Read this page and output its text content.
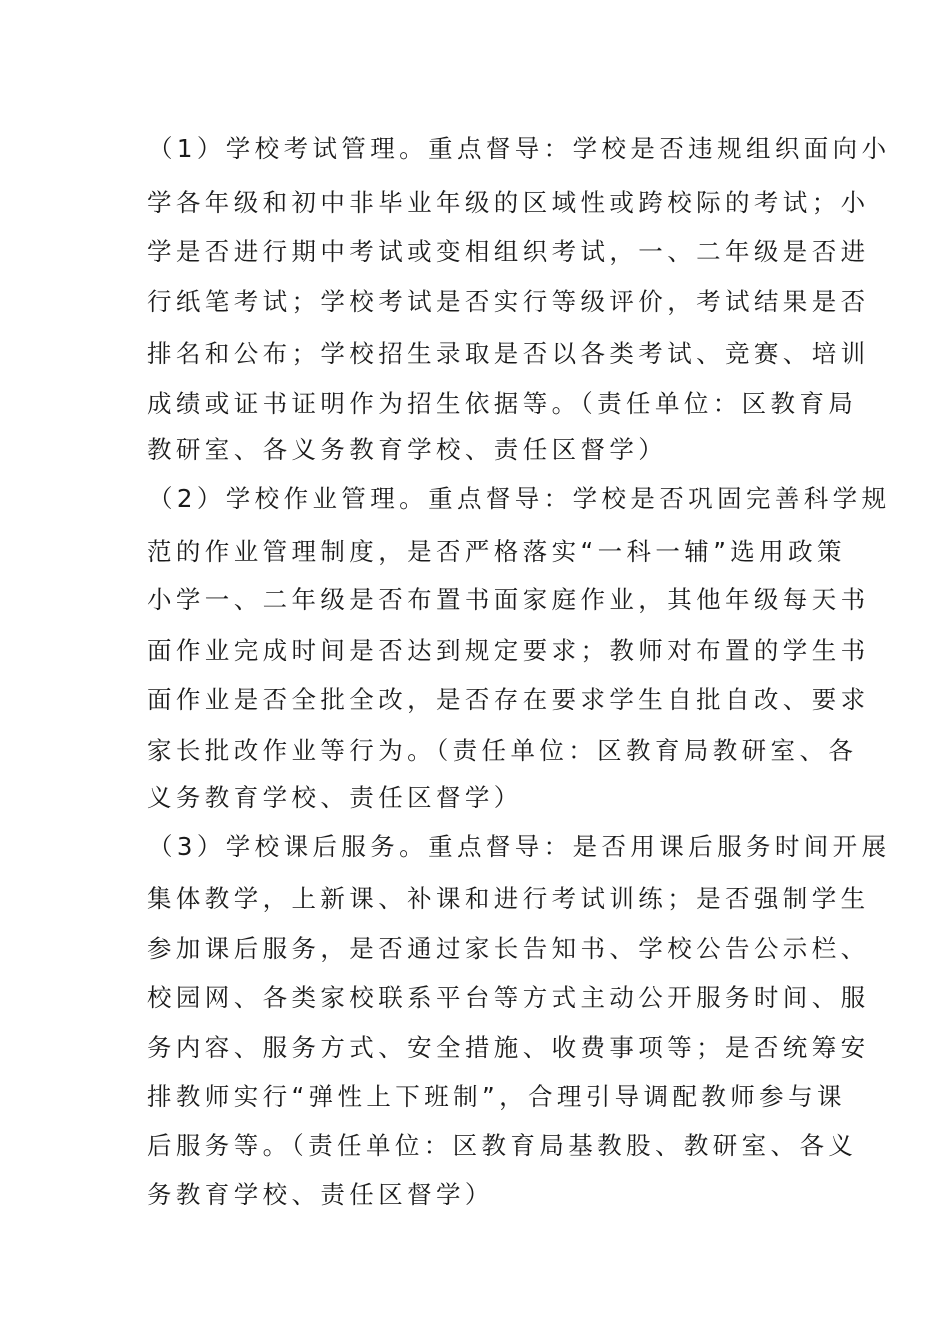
（1）学校考试管理。重点督导：学校是否违规组织面向小
学各年级和初中非毕业年级的区域性或跨校际的考试；小
学是否进行期中考试或变相组织考试，一、二年级是否进
行纸笔考试；学校考试是否实行等级评价，考试结果是否
排名和公布；学校招生录取是否以各类考试、竞赛、培训
成绩或证书证明作为招生依据等。（责任单位：区教育局
教研室、各义务教育学校、责任区督学）
（2）学校作业管理。重点督导：学校是否巩固完善科学规
范的作业管理制度，是否严格落实“一科一辅”选用政策
小学一、二年级是否布置书面家庭作业，其他年级每天书
面作业完成时间是否达到规定要求；教师对布置的学生书
面作业是否全批全改，是否存在要求学生自批自改、要求
家长批改作业等行为。（责任单位：区教育局教研室、各
义务教育学校、责任区督学）
（3）学校课后服务。重点督导：是否用课后服务时间开展
集体教学，上新课、补课和进行考试训练；是否强制学生
参加课后服务，是否通过家长告知书、学校公告公示栏、
校园网、各类家校联系平台等方式主动公开服务时间、服
务内容、服务方式、安全措施、收费事项等；是否统筹安
排教师实行“弹性上下班制”，合理引导调配教师参与课
后服务等。（责任单位：区教育局基教股、教研室、各义
务教育学校、责任区督学）
